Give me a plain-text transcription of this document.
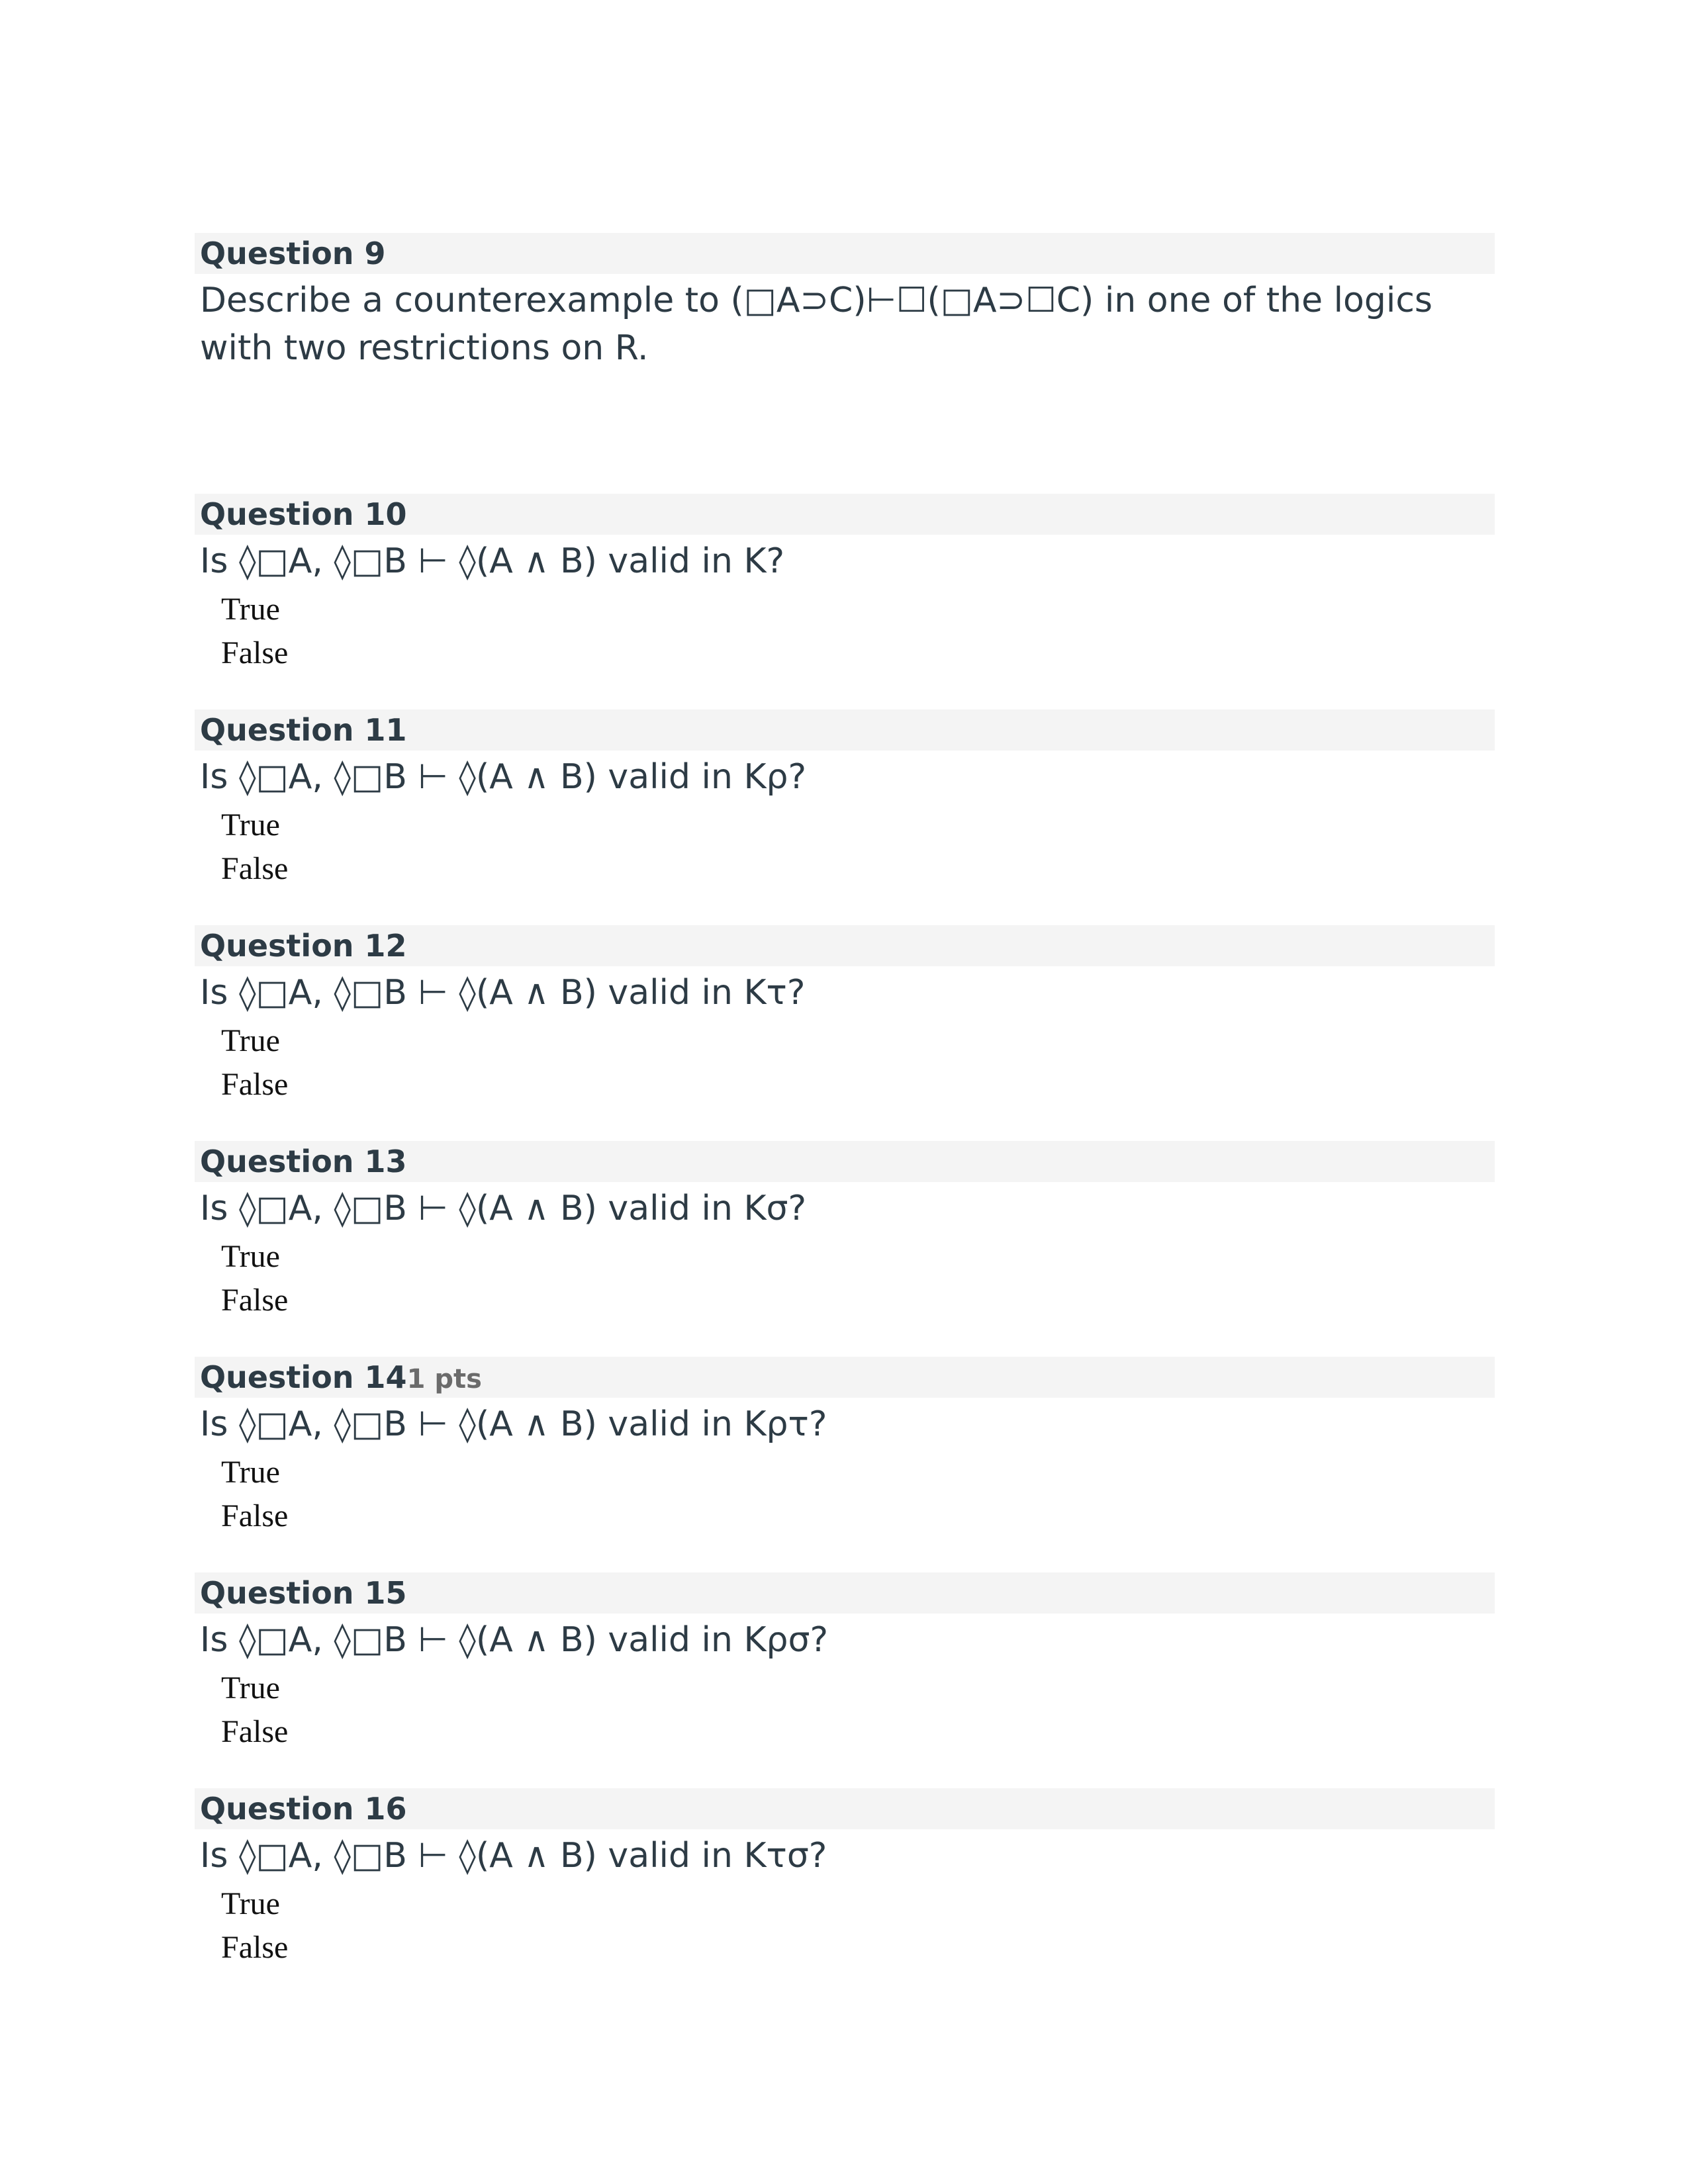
Question 9
Describe a counterexample to (□A⊃C)⊢☐(□A⊃☐C) in one of the logics with two restrictions on R.
Question 10
Is ◊□A, ◊□B ⊢ ◊(A ∧ B) valid in K?
True
False
Question 11
Is ◊□A, ◊□B ⊢ ◊(A ∧ B) valid in Kρ?
True
False
Question 12
Is ◊□A, ◊□B ⊢ ◊(A ∧ B) valid in Kτ?
True
False
Question 13
Is ◊□A, ◊□B ⊢ ◊(A ∧ B) valid in Kσ?
True
False
Question 141 pts
Is ◊□A, ◊□B ⊢ ◊(A ∧ B) valid in Kρτ?
True
False
Question 15
Is ◊□A, ◊□B ⊢ ◊(A ∧ B) valid in Kρσ?
True
False
Question 16
Is ◊□A, ◊□B ⊢ ◊(A ∧ B) valid in Kτσ?
True
False
